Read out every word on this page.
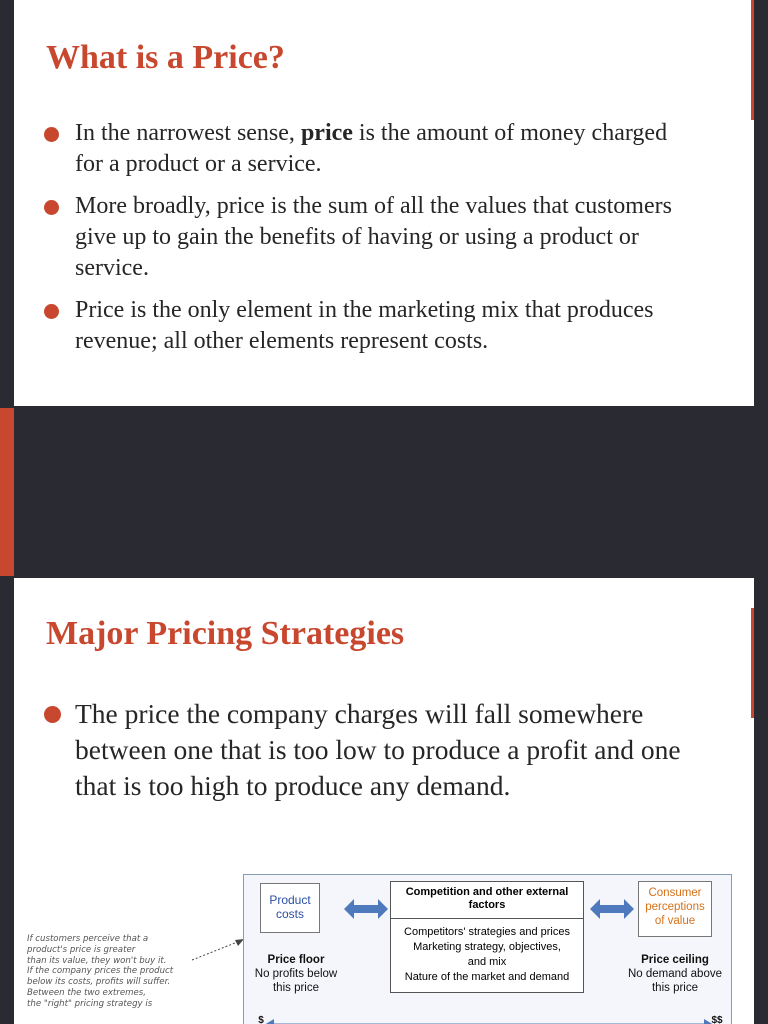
What is a Price?
In the narrowest sense, price is the amount of money charged for a product or a service.
More broadly, price is the sum of all the values that customers give up to gain the benefits of having or using a product or service.
Price is the only element in the marketing mix that produces revenue; all other elements represent costs.
Major Pricing Strategies
The price the company charges will fall somewhere between one that is too low to produce a profit and one that is too high to produce any demand.
If customers perceive that a
product's price is greater
than its value, they won't buy it.
If the company prices the product
below its costs, profits will suffer.
Between the two extremes,
the "right" pricing strategy is
Product costs
Competition and other external factors
Competitors' strategies and prices
Marketing strategy, objectives, and mix
Nature of the market and demand
Consumer perceptions of value
Price floor
No profits below this price
Price ceiling
No demand above this price
$	$$
